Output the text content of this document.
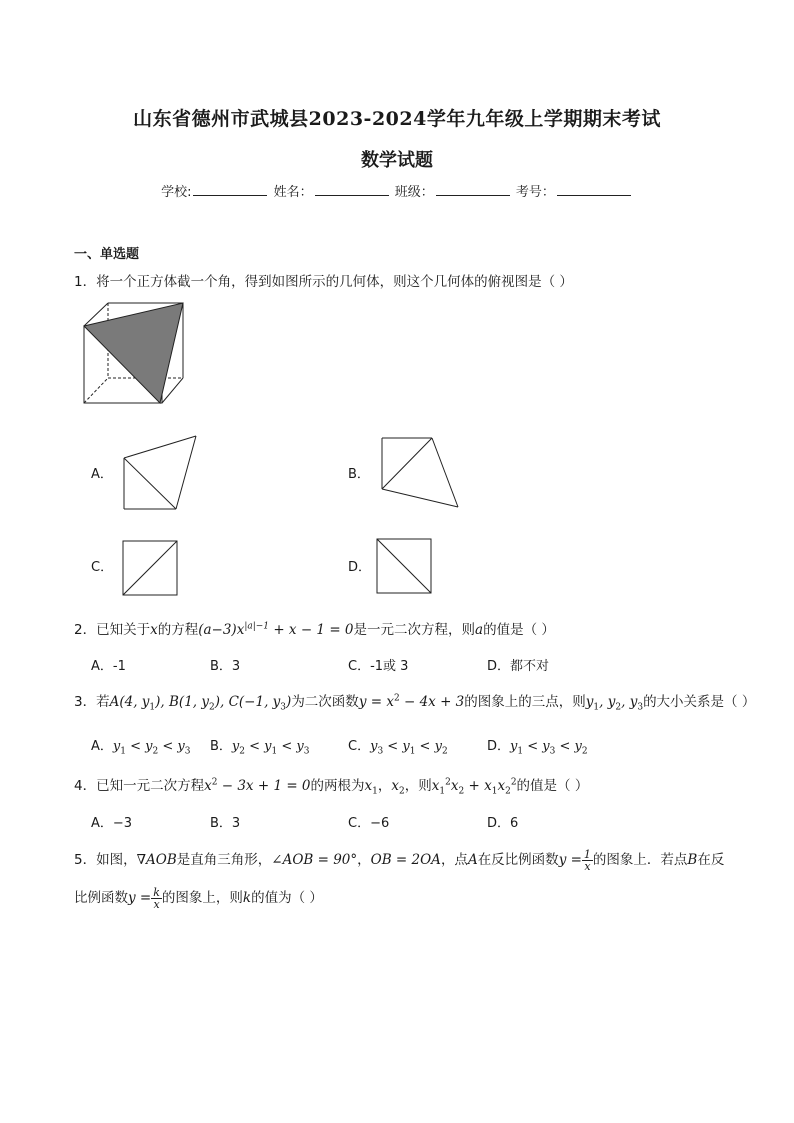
山东省德州市武城县2023-2024学年九年级上学期期末考试
数学试题
学校:	姓名：	班级：	考号：
一、单选题
1．将一个正方体截一个角，得到如图所示的几何体，则这个几何体的俯视图是（ ）
A．	B．
C．	D．
2．已知关于x的方程$(a-3)x^{|a|-1} + x - 1 = 0$是一元二次方程，则a的值是（ ）
A．-1	B．3	C．-1或 3	D．都不对
3．若A(4, $y_1$), B(1, $y_2$), C(−1, $y_3$)为二次函数$y = x^2 - 4x + 3$的图象上的三点，则$y_1$, $y_2$, $y_3$的大小关系是（ ）
A．$y_1 < y_2 < y_3$ B．$y_2 < y_1 < y_3$	C．$y_3 < y_1 < y_2$	D．$y_1 < y_3 < y_2$
4．已知一元二次方程$x^2 - 3x + 1 = 0$的两根为$x_1$，$x_2$，则$x_1^2x_2 + x_1x_2^2$的值是（ ）
A．−3	B．3	C．−6	D．6
5．如图，∇AOB是直角三角形，∠AOB = 90°，OB = 2OA，点A在反比例函数$y = \frac{1}{x}$ 的图象上．若点B在反
比例函数$y = \frac{k}{x}$ 的图象上，则k的值为（ ）
